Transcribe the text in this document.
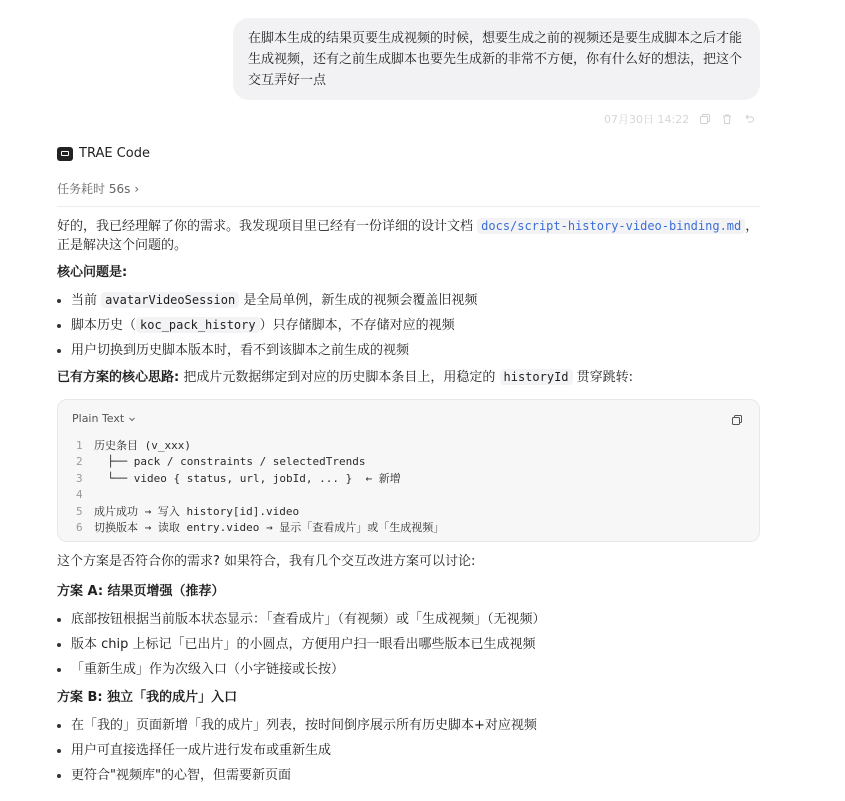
在脚本生成的结果页要生成视频的时候，想要生成之前的视频还是要生成脚本之后才能生成视频，还有之前生成脚本也要先生成新的非常不方便，你有什么好的想法，把这个交互弄好一点
07月30日 14:22
TRAE Code
任务耗时 56s ›

好的，我已经理解了你的需求。我发现项目里已经有一份详细的设计文档 docs/script-history-video-binding.md ，
正是解决这个问题的。

核心问题是:

当前 avatarVideoSession 是全局单例，新生成的视频会覆盖旧视频
脚本历史（ koc_pack_history ）只存储脚本，不存储对应的视频
用户切换到历史脚本版本时，看不到该脚本之前生成的视频

已有方案的核心思路: 把成片元数据绑定到对应的历史脚本条目上，用稳定的 historyId 贯穿跳转:

Plain Text
1	历史条目 (v_xxx)
2	├── pack / constraints / selectedTrends
3	└── video { status, url, jobId, ... }  ← 新增
4
5	成片成功 → 写入 history[id].video
6	切换版本 → 读取 entry.video → 显示「查看成片」或「生成视频」

这个方案是否符合你的需求? 如果符合，我有几个交互改进方案可以讨论:

方案 A: 结果页增强（推荐）

底部按钮根据当前版本状态显示：「查看成片」（有视频）或「生成视频」（无视频）
版本 chip 上标记「已出片」的小圆点，方便用户扫一眼看出哪些版本已生成视频
「重新生成」作为次级入口（小字链接或长按）

方案 B: 独立「我的成片」入口

在「我的」页面新增「我的成片」列表，按时间倒序展示所有历史脚本+对应视频
用户可直接选择任一成片进行发布或重新生成
更符合"视频库"的心智，但需要新页面
